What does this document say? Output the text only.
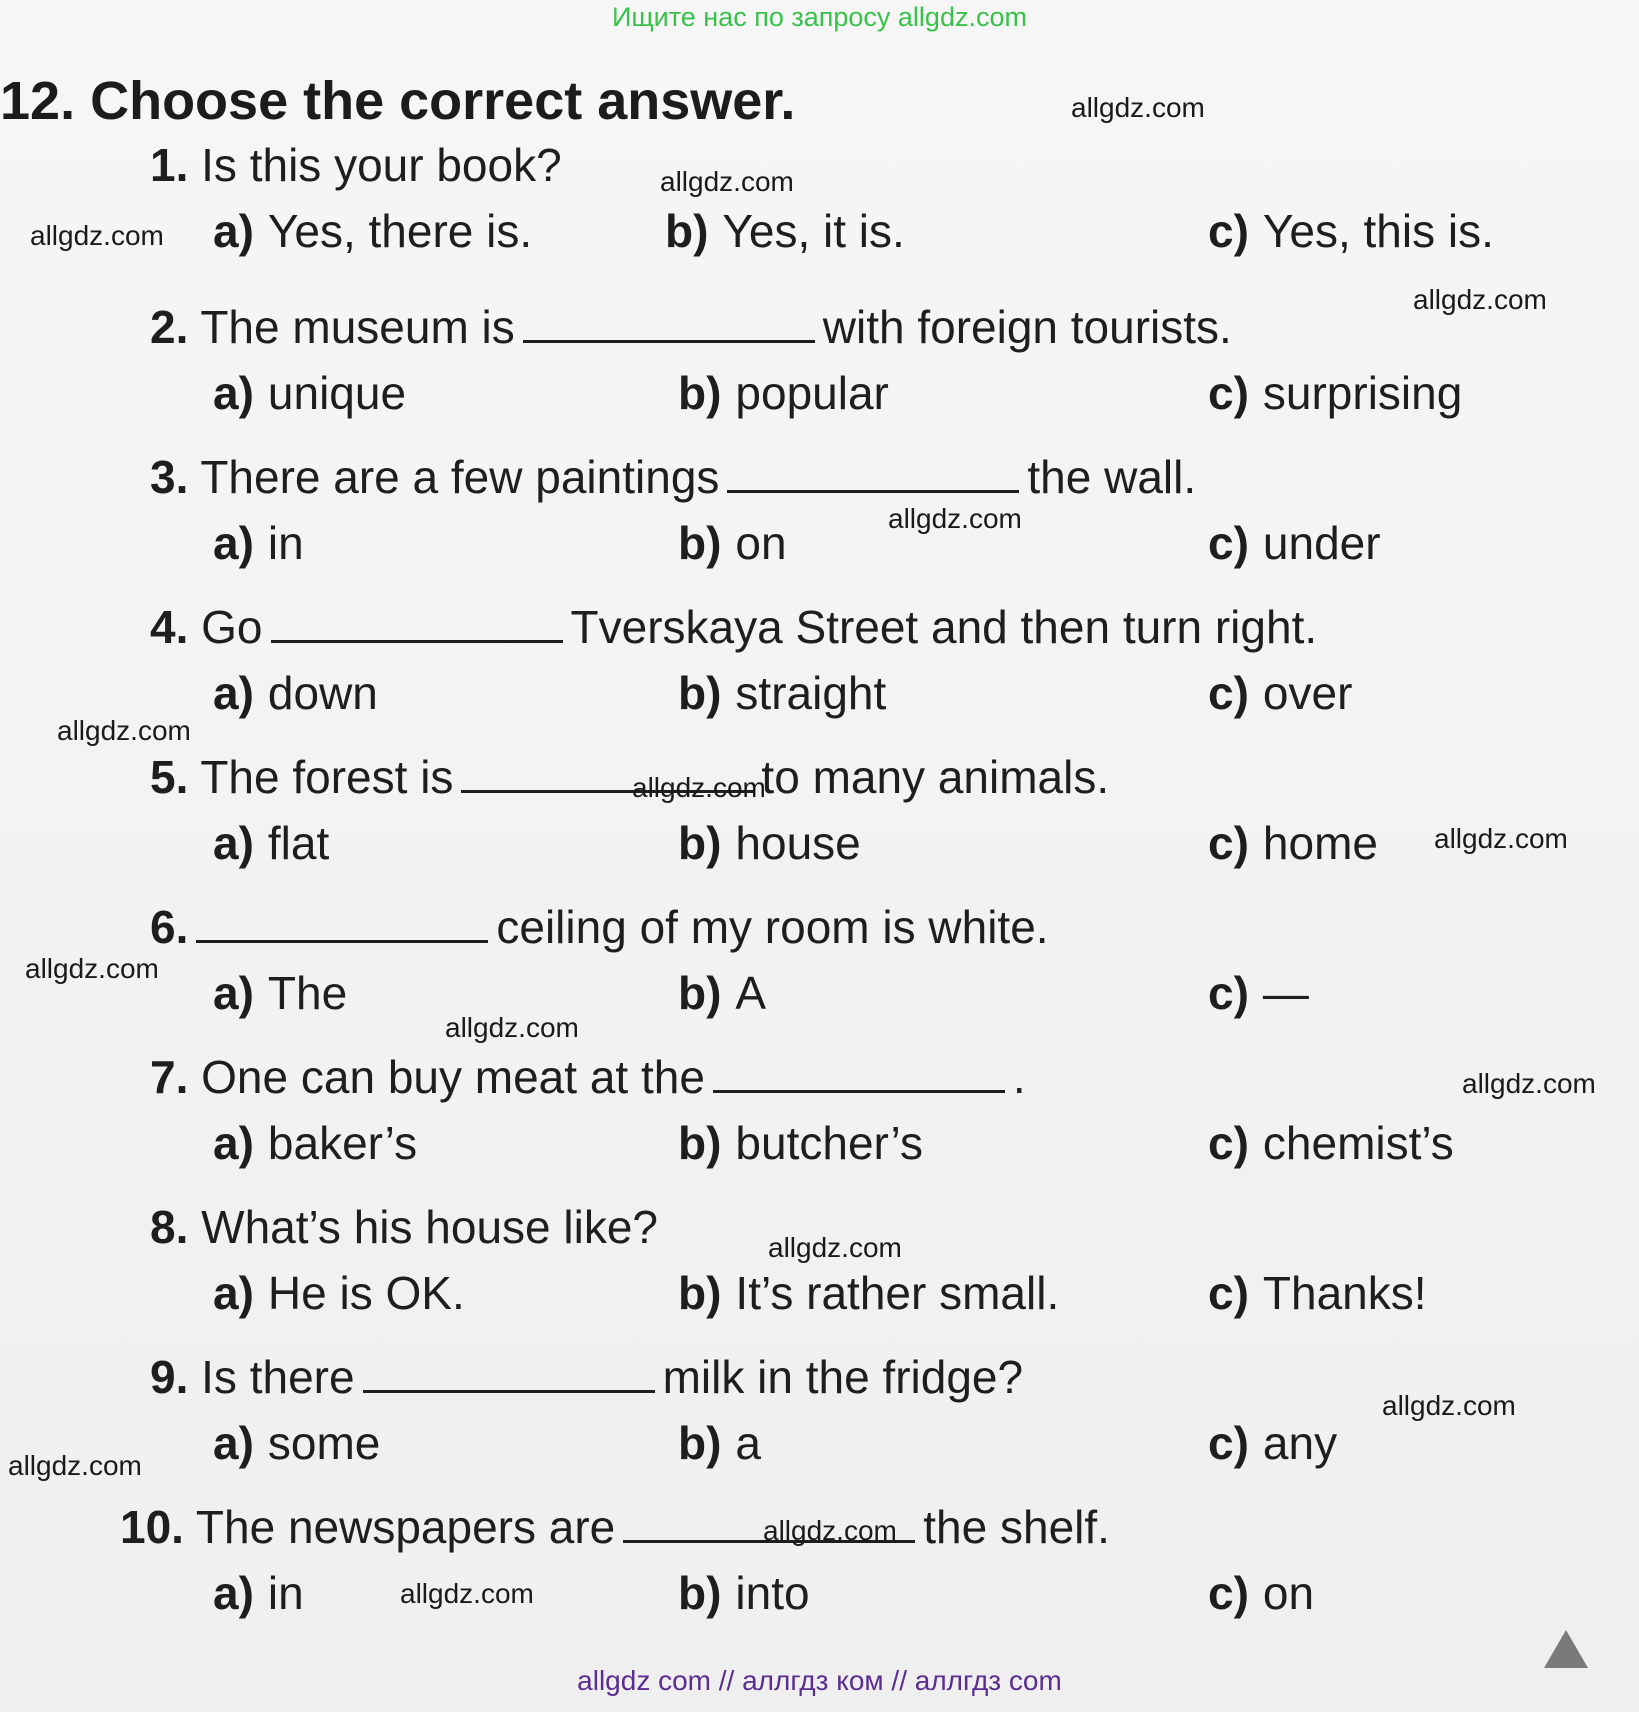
Ищите нас по запросу allgdz.com
12. Choose the correct answer.
1. Is this your book?
a) Yes, there is.	b) Yes, it is.	c) Yes, this is.
2. The museum is	with foreign tourists.
a) unique	b) popular	c) surprising
3. There are a few paintings	the wall.
a) in	b) on	c) under
4. Go	Tverskaya Street and then turn right.
a) down	b) straight	c) over
5. The forest is	to many animals.
a) flat	b) house	c) home
6.	ceiling of my room is white.
a) The	b) A	c) —
7. One can buy meat at the	.
a) baker’s	b) butcher’s	c) chemist’s
8. What’s his house like?
a) He is OK.	b) It’s rather small.	c) Thanks!
9. Is there	milk in the fridge?
a) some	b) a	c) any
10. The newspapers are	the shelf.
a) in	b) into	c) on
allgdz.com
allgdz.com
allgdz.com
allgdz.com
allgdz.com
allgdz.com
allgdz.com
allgdz.com
allgdz.com
allgdz.com
allgdz.com
allgdz.com
allgdz.com
allgdz.com
allgdz.com
allgdz.com
allgdz com // аллгдз ком // аллгдз com
